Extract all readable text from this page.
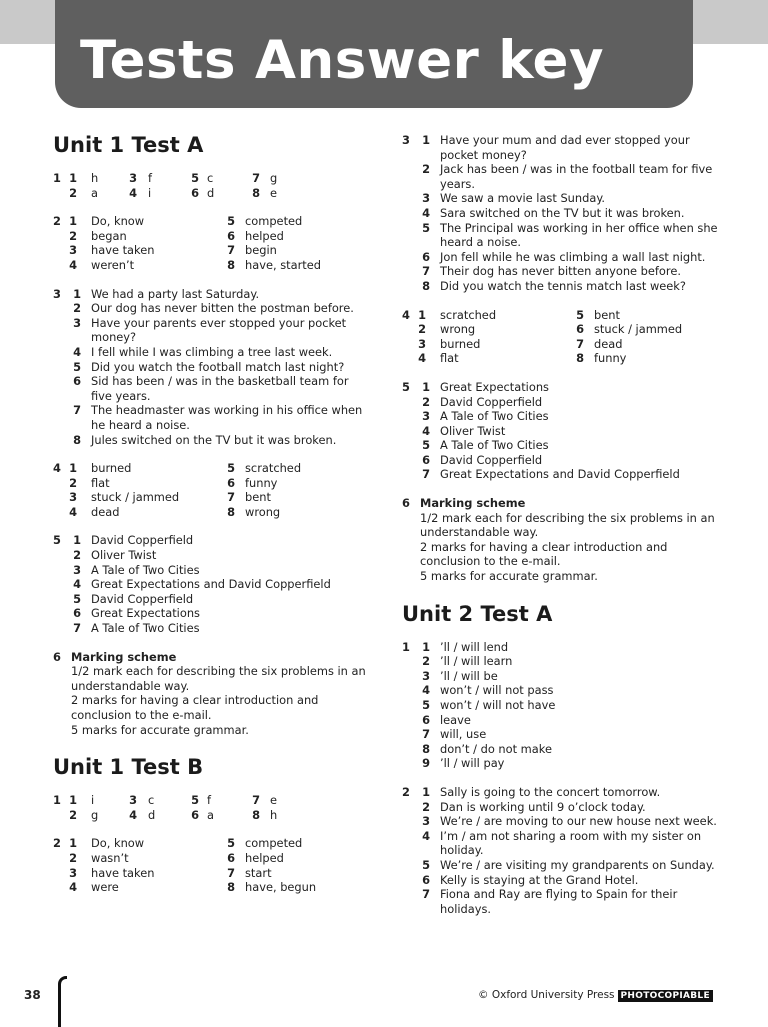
Tests Answer key
Unit 1 Test A
1 1 h	3 f	5 c	7 g
2 a	4 i	6 d	8 e
2 1 Do, know	5 competed
2 began	6 helped
3 have taken	7 begin
4 weren’t	8 have, started
3	1 We had a party last Saturday.
2 Our dog has never bitten the postman before.
3 Have your parents ever stopped your pocket money?
4 I fell while I was climbing a tree last week.
5 Did you watch the football match last night?
6 Sid has been / was in the basketball team for five years.
7 The headmaster was working in his office when he heard a noise.
8 Jules switched on the TV but it was broken.
4 1 burned	5 scratched
2 flat	6 funny
3 stuck / jammed	7 bent
4 dead	8 wrong
5	1 David Copperfield
2 Oliver Twist
3 A Tale of Two Cities
4 Great Expectations and David Copperfield
5 David Copperfield
6 Great Expectations
7 A Tale of Two Cities
6 Marking scheme
1/2 mark each for describing the six problems in an understandable way.
2 marks for having a clear introduction and conclusion to the e-mail.
5 marks for accurate grammar.
Unit 1 Test B
1 1 i	3 c	5 f	7 e
2 g	4 d	6 a	8 h
2 1 Do, know	5 competed
2 wasn’t	6 helped
3 have taken	7 start
4 were	8 have, begun
3	1 Have your mum and dad ever stopped your pocket money?
2 Jack has been / was in the football team for five years.
3 We saw a movie last Sunday.
4 Sara switched on the TV but it was broken.
5 The Principal was working in her office when she heard a noise.
6 Jon fell while he was climbing a wall last night.
7 Their dog has never bitten anyone before.
8 Did you watch the tennis match last week?
4 1 scratched	5 bent
2 wrong	6 stuck / jammed
3 burned	7 dead
4 flat	8 funny
5	1 Great Expectations
2 David Copperfield
3 A Tale of Two Cities
4 Oliver Twist
5 A Tale of Two Cities
6 David Copperfield
7 Great Expectations and David Copperfield
6 Marking scheme
1/2 mark each for describing the six problems in an understandable way.
2 marks for having a clear introduction and conclusion to the e-mail.
5 marks for accurate grammar.
Unit 2 Test A
1	1 ’ll / will lend
2 ’ll / will learn
3 ’ll / will be
4 won’t / will not pass
5 won’t / will not have
6 leave
7 will, use
8 don’t / do not make
9 ’ll / will pay
2	1 Sally is going to the concert tomorrow.
2 Dan is working until 9 o’clock today.
3 We’re / are moving to our new house next week.
4 I’m / am not sharing a room with my sister on holiday.
5 We’re / are visiting my grandparents on Sunday.
6 Kelly is staying at the Grand Hotel.
7 Fiona and Ray are flying to Spain for their holidays.
38	© Oxford University Press PHOTOCOPIABLE
